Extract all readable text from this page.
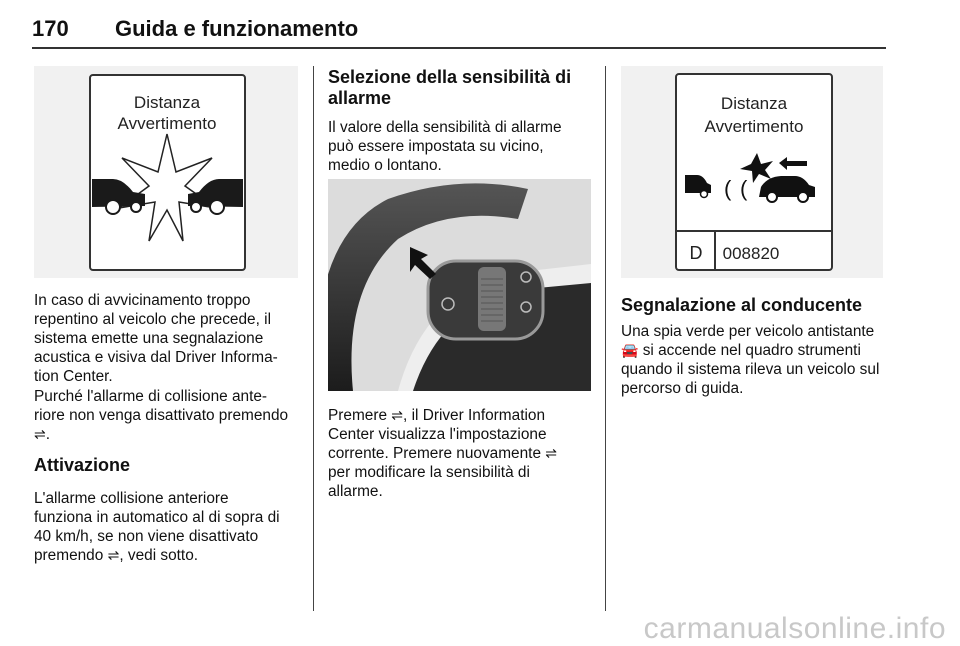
170 Guida e funzionamento
Distanza
Avvertimento

In caso di avvicinamento troppo
repentino al veicolo che precede, il
sistema emette una segnalazione
acustica e visiva dal Driver Informa-
tion Center.

Purché l'allarme di collisione ante-
riore non venga disattivato premendo
⇌.

Attivazione

L'allarme collisione anteriore
funziona in automatico al di sopra di
40 km/h, se non viene disattivato
premendo ⇌, vedi sotto.

Selezione della sensibilità di
allarme

Il valore della sensibilità di allarme
può essere impostata su vicino,
medio o lontano.

Premere ⇌, il Driver Information
Center visualizza l'impostazione
corrente. Premere nuovamente ⇌
per modificare la sensibilità di
allarme.

Distanza
Avvertimento
( (
D 008820
Segnalazione al conducente

Una spia verde per veicolo antistante
🚘 si accende nel quadro strumenti
quando il sistema rileva un veicolo sul
percorso di guida.

carmanualsonline.info
